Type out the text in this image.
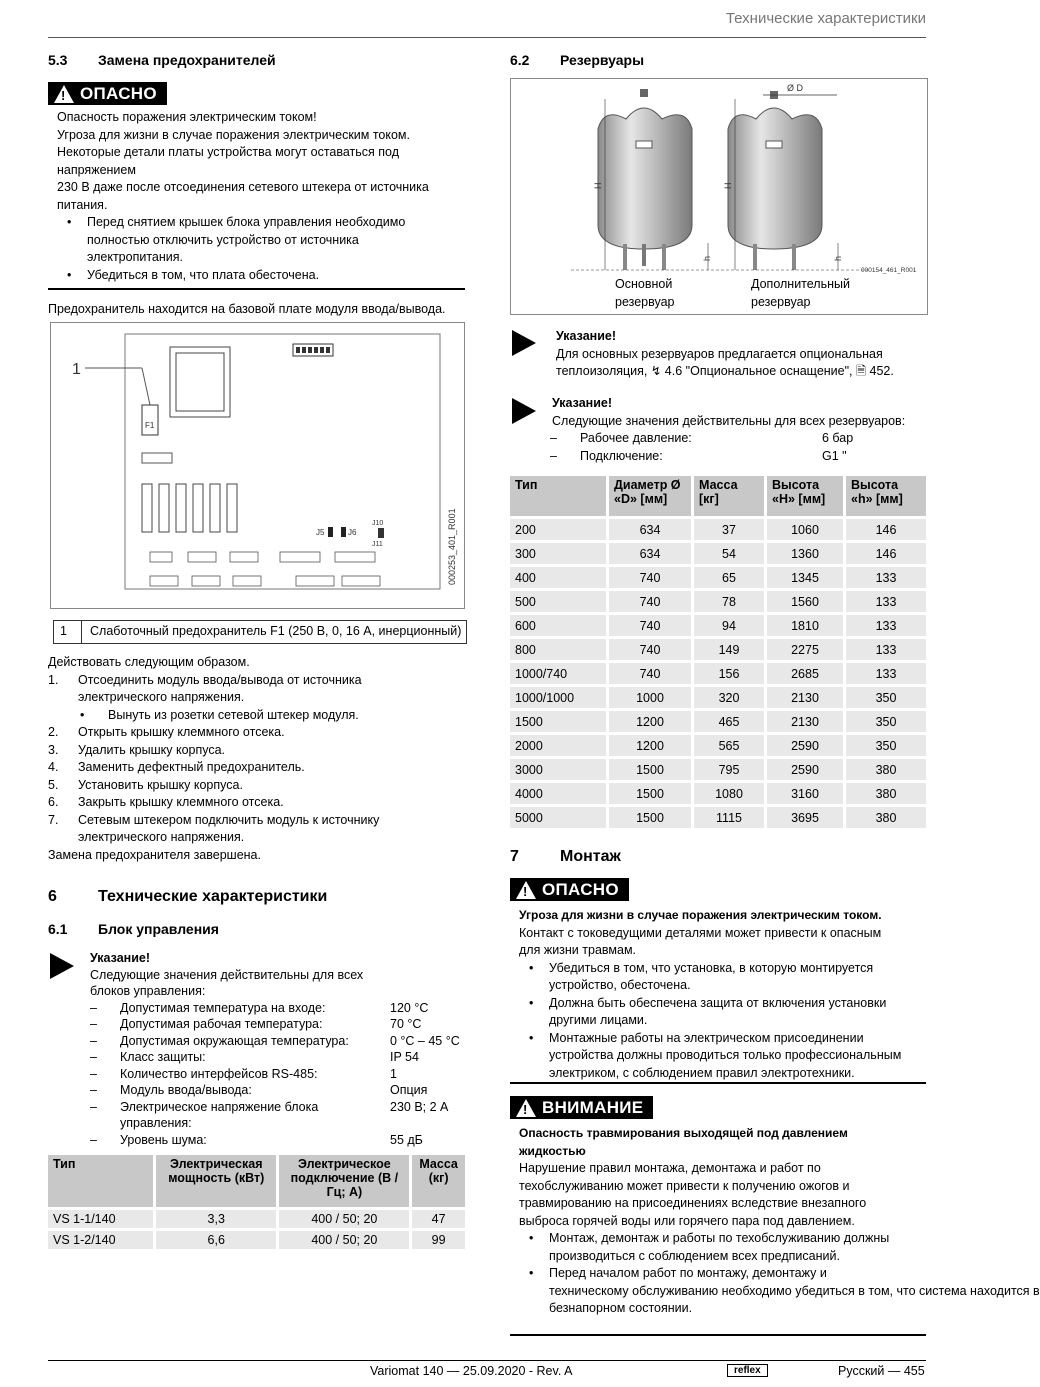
Технические характеристики
5.3 Замена предохранителей
!
ОПАСНО
Опасность поражения электрическим током!
Угроза для жизни в случае поражения электрическим током.
Некоторые детали платы устройства могут оставаться под
напряжением
230 В даже после отсоединения сетевого штекера от источника
питания.
• Перед снятием крышек блока управления необходимо
полностью отключить устройство от источника
электропитания.
• Убедиться в том, что плата обесточена.
Предохранитель находится на базовой плате модуля ввода/вывода.
1
F1
J5	J6
J10
J11	000253_401_R001
1	Слаботочный предохранитель F1 (250 В, 0, 16 А, инерционный)
Действовать следующим образом.
1. Отсоединить модуль ввода/вывода от источника
электрического напряжения.
• Вынуть из розетки сетевой штекер модуля.
2. Открыть крышку клеммного отсека.
3. Удалить крышку корпуса.
4. Заменить дефектный предохранитель.
5. Установить крышку корпуса.
6. Закрыть крышку клеммного отсека.
7. Сетевым штекером подключить модуль к источнику
электрического напряжения.
Замена предохранителя завершена.
6	Технические характеристики
6.1 Блок управления
Указание!
Следующие значения действительны для всех
блоков управления:
–	Допустимая температура на входе:	120 °C
–	Допустимая рабочая температура:	70 °C
–	Допустимая окружающая температура:	0 °C – 45 °C
–	Класс защиты:	IP 54
–	Количество интерфейсов RS-485:	1
–	Модуль ввода/вывода:	Опция
–	Электрическое напряжение блока управления:
230 В; 2 А
–	Уровень шума:	55 дБ
Тип	Электрическая мощность (кВт)	Электрическое подключение (В / Гц; А)	Масса (кг)
VS 1-1/140	3,3	400 / 50; 20	47
VS 1-2/140	6,6	400 / 50; 20	99
6.2 Резервуары
Ø D
H	H
h	h
000154_461_R001
Основной
резервуар
Дополнительный
резервуар
Указание!
Для основных резервуаров предлагается опциональная
теплоизоляция, ↯ 4.6 "Опциональное оснащение", 🗎 452.
Указание!
Следующие значения действительны для всех резервуаров:
–	Рабочее давление:	6 бар
–	Подключение:	G1 "
Тип	Диаметр Ø «D» [мм]	Масса [кг]	Высота «H» [мм]	Высота «h» [мм]
200	634	37	1060	146
300	634	54	1360	146
400	740	65	1345	133
500	740	78	1560	133
600	740	94	1810	133
800	740	149	2275	133
1000/740	740	156	2685	133
1000/1000	1000	320	2130	350
1500	1200	465	2130	350
2000	1200	565	2590	350
3000	1500	795	2590	380
4000	1500	1080	3160	380
5000	1500	1115	3695	380
7	Монтаж
!
ОПАСНО
Угроза для жизни в случае поражения электрическим током.
Контакт с токоведущими деталями может привести к опасным
для жизни травмам.
• Убедиться в том, что установка, в которую монтируется
устройство, обесточена.
• Должна быть обеспечена защита от включения установки
другими лицами.
• Монтажные работы на электрическом присоединении
устройства должны проводиться только профессиональным
электриком, с соблюдением правил электротехники.
!
ВНИМАНИЕ
Опасность травмирования выходящей под давлением
жидкостью
Нарушение правил монтажа, демонтажа и работ по
техобслуживанию может привести к получению ожогов и
травмированию на присоединениях вследствие внезапного
выброса горячей воды или горячего пара под давлением.
• Монтаж, демонтаж и работы по техобслуживанию должны
производиться с соблюдением всех предписаний.
• Перед началом работ по монтажу, демонтажу и
техническому обслуживанию необходимо убедиться в том, что система находится в
безнапорном состоянии.
Variomat 140 — 25.09.2020 - Rev. A	reflex	Русский — 455
